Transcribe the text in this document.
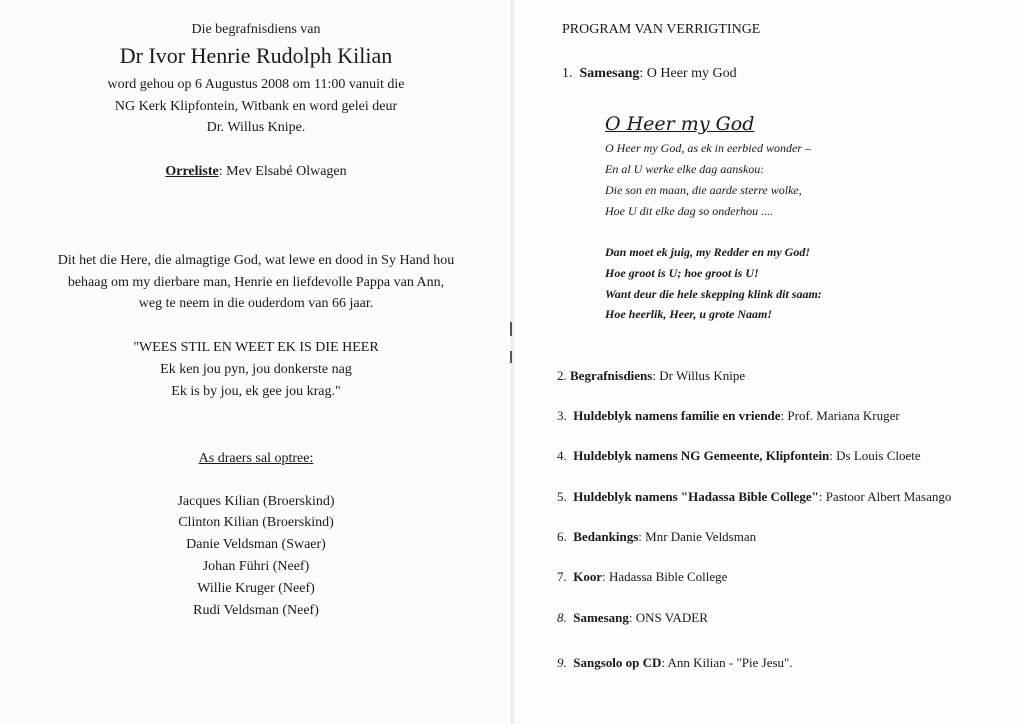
Die begrafnisdiens van
Dr Ivor Henrie Rudolph Kilian
word gehou op 6 Augustus 2008 om 11:00 vanuit die
NG Kerk Klipfontein, Witbank en word gelei deur
Dr. Willus Knipe.
Orreliste: Mev Elsabé Olwagen
Dit het die Here, die almagtige God, wat lewe en dood in Sy Hand hou
behaag om my dierbare man, Henrie en liefdevolle Pappa van Ann,
weg te neem in die ouderdom van 66 jaar.
"WEES STIL EN WEET EK IS DIE HEER
Ek ken jou pyn, jou donkerste nag
Ek is by jou, ek gee jou krag."
As draers sal optree:
Jacques Kilian (Broerskind)
Clinton Kilian (Broerskind)
Danie Veldsman (Swaer)
Johan Führi (Neef)
Willie Kruger (Neef)
Rudi Veldsman (Neef)
PROGRAM VAN VERRIGTINGE
1. Samesang: O Heer my God
O Heer my God
O Heer my God, as ek in eerbied wonder –
En al U werke elke dag aanskou:
Die son en maan, die aarde sterre wolke,
Hoe U dit elke dag so onderhou ....
Dan moet ek juig, my Redder en my God!
Hoe groot is U; hoe groot is U!
Want deur die hele skepping klink dit saam:
Hoe heerlik, Heer, u grote Naam!
2. Begrafnisdiens: Dr Willus Knipe
3. Huldeblyk namens familie en vriende: Prof. Mariana Kruger
4. Huldeblyk namens NG Gemeente, Klipfontein: Ds Louis Cloete
5. Huldeblyk namens "Hadassa Bible College": Pastoor Albert Masango
6. Bedankings: Mnr Danie Veldsman
7. Koor: Hadassa Bible College
8. Samesang: ONS VADER
9. Sangsolo op CD: Ann Kilian - "Pie Jesu".
